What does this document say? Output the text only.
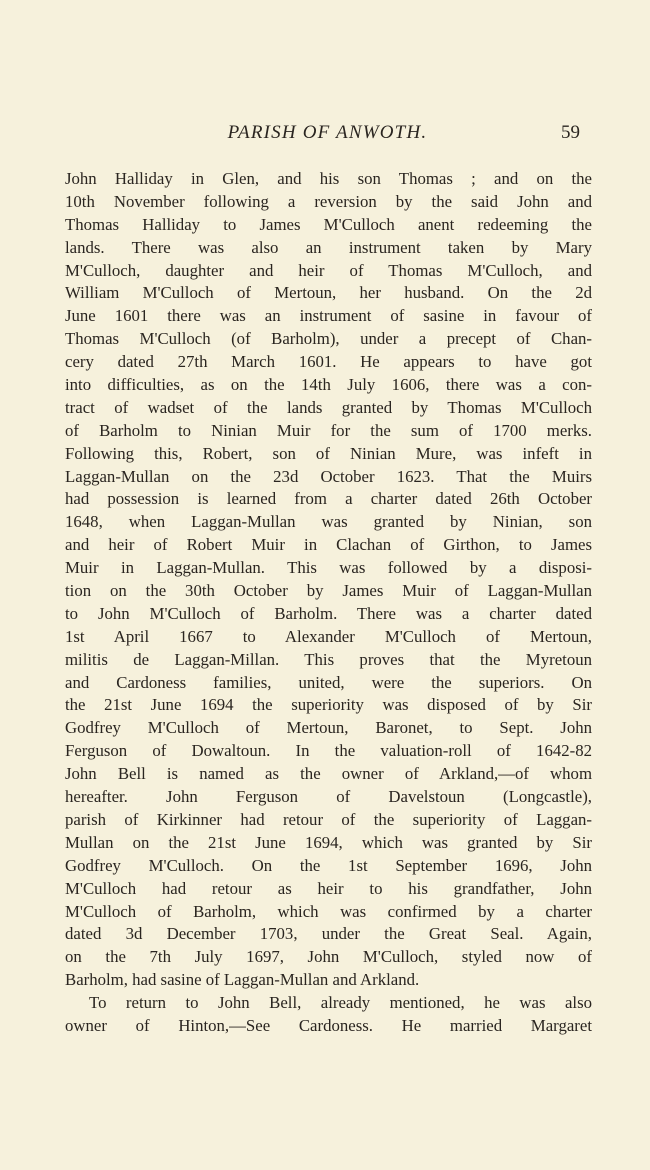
PARISH OF ANWOTH.	59
John Halliday in Glen, and his son Thomas ; and on the
10th November following a reversion by the said John and
Thomas Halliday to James M'Culloch anent redeeming the
lands. There was also an instrument taken by Mary
M'Culloch, daughter and heir of Thomas M'Culloch, and
William M'Culloch of Mertoun, her husband. On the 2d
June 1601 there was an instrument of sasine in favour of
Thomas M'Culloch (of Barholm), under a precept of Chan-
cery dated 27th March 1601. He appears to have got
into difficulties, as on the 14th July 1606, there was a con-
tract of wadset of the lands granted by Thomas M'Culloch
of Barholm to Ninian Muir for the sum of 1700 merks.
Following this, Robert, son of Ninian Mure, was infeft in
Laggan-Mullan on the 23d October 1623. That the Muirs
had possession is learned from a charter dated 26th October
1648, when Laggan-Mullan was granted by Ninian, son
and heir of Robert Muir in Clachan of Girthon, to James
Muir in Laggan-Mullan. This was followed by a disposi-
tion on the 30th October by James Muir of Laggan-Mullan
to John M'Culloch of Barholm. There was a charter dated
1st April 1667 to Alexander M'Culloch of Mertoun,
militis de Laggan-Millan. This proves that the Myretoun
and Cardoness families, united, were the superiors. On
the 21st June 1694 the superiority was disposed of by Sir
Godfrey M'Culloch of Mertoun, Baronet, to Sept. John
Ferguson of Dowaltoun. In the valuation-roll of 1642-82
John Bell is named as the owner of Arkland,—of whom
hereafter. John Ferguson of Davelstoun (Longcastle),
parish of Kirkinner had retour of the superiority of Laggan-
Mullan on the 21st June 1694, which was granted by Sir
Godfrey M'Culloch. On the 1st September 1696, John
M'Culloch had retour as heir to his grandfather, John
M'Culloch of Barholm, which was confirmed by a charter
dated 3d December 1703, under the Great Seal. Again,
on the 7th July 1697, John M'Culloch, styled now of
Barholm, had sasine of Laggan-Mullan and Arkland.
To return to John Bell, already mentioned, he was also
owner of Hinton,—See Cardoness. He married Margaret
